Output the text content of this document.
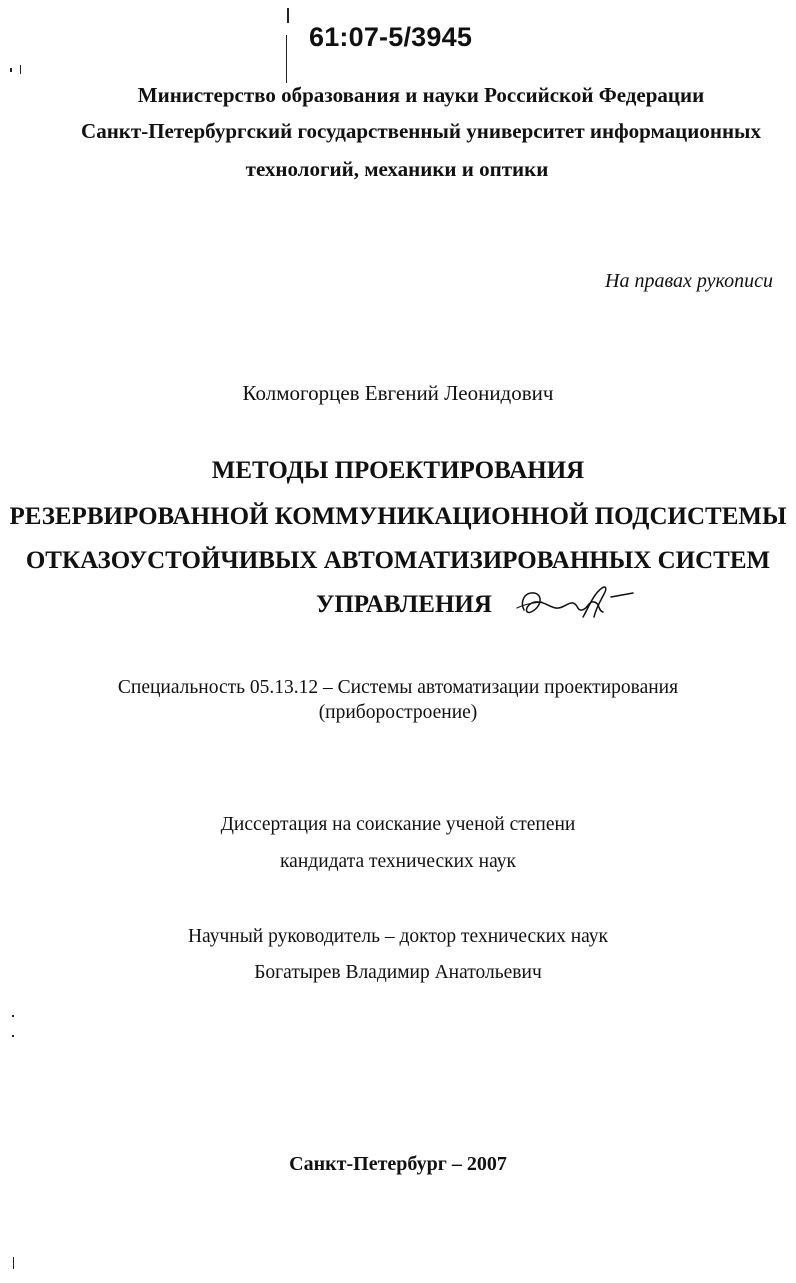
61:07-5/3945
Министерство образования и науки Российской Федерации
Санкт-Петербургский государственный университет информационных
технологий, механики и оптики
На правах рукописи
Колмогорцев Евгений Леонидович
МЕТОДЫ ПРОЕКТИРОВАНИЯ
РЕЗЕРВИРОВАННОЙ КОММУНИКАЦИОННОЙ ПОДСИСТЕМЫ
ОТКАЗОУСТОЙЧИВЫХ АВТОМАТИЗИРОВАННЫХ СИСТЕМ
УПРАВЛЕНИЯ
Специальность 05.13.12 – Системы автоматизации проектирования
(приборостроение)
Диссертация на соискание ученой степени
кандидата технических наук
Научный руководитель – доктор технических наук
Богатырев Владимир Анатольевич
Санкт-Петербург – 2007
